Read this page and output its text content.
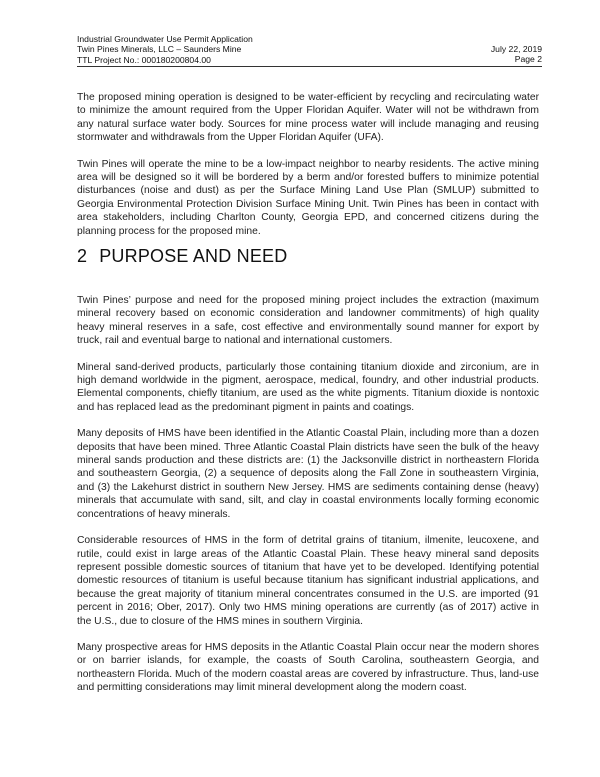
Industrial Groundwater Use Permit Application
Twin Pines Minerals, LLC – Saunders Mine
TTL Project No.: 000180200804.00
July 22, 2019
Page 2

The proposed mining operation is designed to be water-efficient by recycling and recirculating water to minimize the amount required from the Upper Floridan Aquifer. Water will not be withdrawn from any natural surface water body. Sources for mine process water will include managing and reusing stormwater and withdrawals from the Upper Floridan Aquifer (UFA).

Twin Pines will operate the mine to be a low-impact neighbor to nearby residents. The active mining area will be designed so it will be bordered by a berm and/or forested buffers to minimize potential disturbances (noise and dust) as per the Surface Mining Land Use Plan (SMLUP) submitted to Georgia Environmental Protection Division Surface Mining Unit. Twin Pines has been in contact with area stakeholders, including Charlton County, Georgia EPD, and concerned citizens during the planning process for the proposed mine.

2 PURPOSE AND NEED

Twin Pines’ purpose and need for the proposed mining project includes the extraction (maximum mineral recovery based on economic consideration and landowner commitments) of high quality heavy mineral reserves in a safe, cost effective and environmentally sound manner for export by truck, rail and eventual barge to national and international customers.

Mineral sand-derived products, particularly those containing titanium dioxide and zirconium, are in high demand worldwide in the pigment, aerospace, medical, foundry, and other industrial products. Elemental components, chiefly titanium, are used as the white pigments. Titanium dioxide is nontoxic and has replaced lead as the predominant pigment in paints and coatings.

Many deposits of HMS have been identified in the Atlantic Coastal Plain, including more than a dozen deposits that have been mined. Three Atlantic Coastal Plain districts have seen the bulk of the heavy mineral sands production and these districts are: (1) the Jacksonville district in northeastern Florida and southeastern Georgia, (2) a sequence of deposits along the Fall Zone in southeastern Virginia, and (3) the Lakehurst district in southern New Jersey. HMS are sediments containing dense (heavy) minerals that accumulate with sand, silt, and clay in coastal environments locally forming economic concentrations of heavy minerals.

Considerable resources of HMS in the form of detrital grains of titanium, ilmenite, leucoxene, and rutile, could exist in large areas of the Atlantic Coastal Plain. These heavy mineral sand deposits represent possible domestic sources of titanium that have yet to be developed. Identifying potential domestic resources of titanium is useful because titanium has significant industrial applications, and because the great majority of titanium mineral concentrates consumed in the U.S. are imported (91 percent in 2016; Ober, 2017). Only two HMS mining operations are currently (as of 2017) active in the U.S., due to closure of the HMS mines in southern Virginia.

Many prospective areas for HMS deposits in the Atlantic Coastal Plain occur near the modern shores or on barrier islands, for example, the coasts of South Carolina, southeastern Georgia, and northeastern Florida. Much of the modern coastal areas are covered by infrastructure. Thus, land-use and permitting considerations may limit mineral development along the modern coast.
